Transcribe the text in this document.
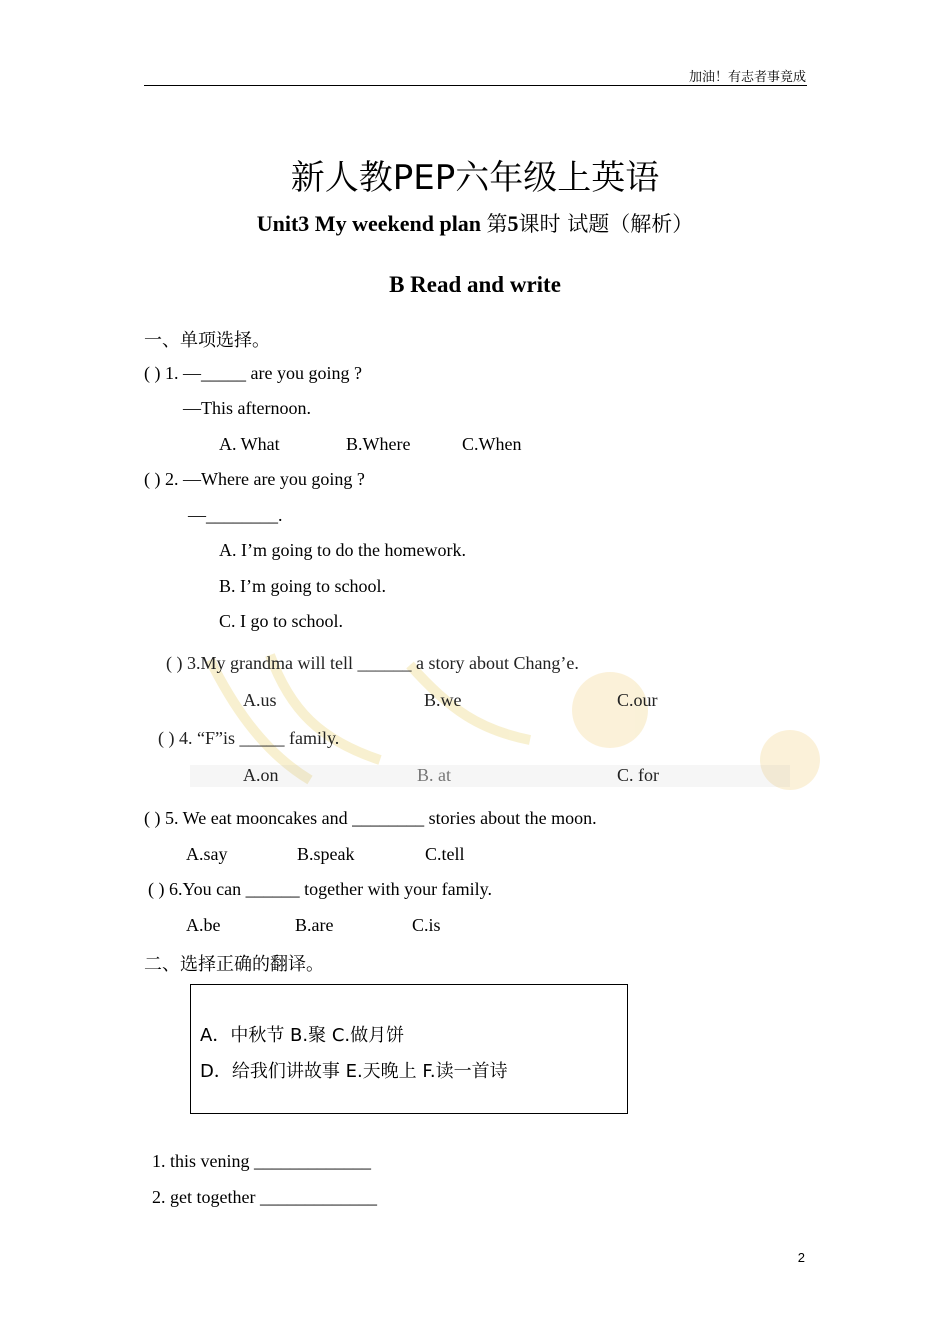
加油！有志者事竟成
新人教PEP六年级上英语
Unit3 My weekend plan 第5课时 试题（解析）
B Read and write
一、单项选择。
( ) 1. —_____ are you going ?
—This afternoon.
A. What	B.Where	C.When
( ) 2. —Where are you going ?
—________.
A. I’m going to do the homework.
B. I’m going to school.
C. I go to school.
( ) 3.My grandma will tell ______ a story about Chang’e.
A.us	B.we	C.our
( ) 4. “F”is _____ family.
A.on	B. at	C. for
( ) 5. We eat mooncakes and ________ stories about the moon.
A.say	B.speak	C.tell
( ) 6.You can ______ together with your family.
A.be	B.are	C.is
二、选择正确的翻译。
A．中秋节 B.聚 C.做月饼
D．给我们讲故事 E.天晚上 F.读一首诗
1. this vening _____________
2. get together _____________
2
